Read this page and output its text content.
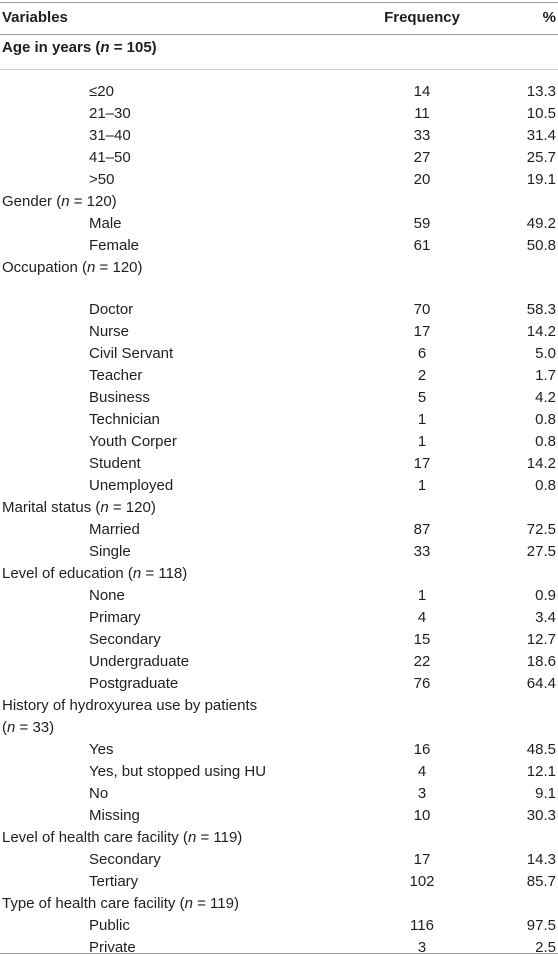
Variables	Frequency	%
Age in years (n = 105)
≤20	14	13.3
21–30	11	10.5
31–40	33	31.4
41–50	27	25.7
>50	20	19.1
Gender (n = 120)
Male	59	49.2
Female	61	50.8
Occupation (n = 120)
Doctor	70	58.3
Nurse	17	14.2
Civil Servant	6	5.0
Teacher	2	1.7
Business	5	4.2
Technician	1	0.8
Youth Corper	1	0.8
Student	17	14.2
Unemployed	1	0.8
Marital status (n = 120)
Married	87	72.5
Single	33	27.5
Level of education (n = 118)
None	1	0.9
Primary	4	3.4
Secondary	15	12.7
Undergraduate	22	18.6
Postgraduate	76	64.4
History of hydroxyurea use by patients
(n = 33)
Yes	16	48.5
Yes, but stopped using HU	4	12.1
No	3	9.1
Missing	10	30.3
Level of health care facility (n = 119)
Secondary	17	14.3
Tertiary	102	85.7
Type of health care facility (n = 119)
Public	116	97.5
Private	3	2.5
